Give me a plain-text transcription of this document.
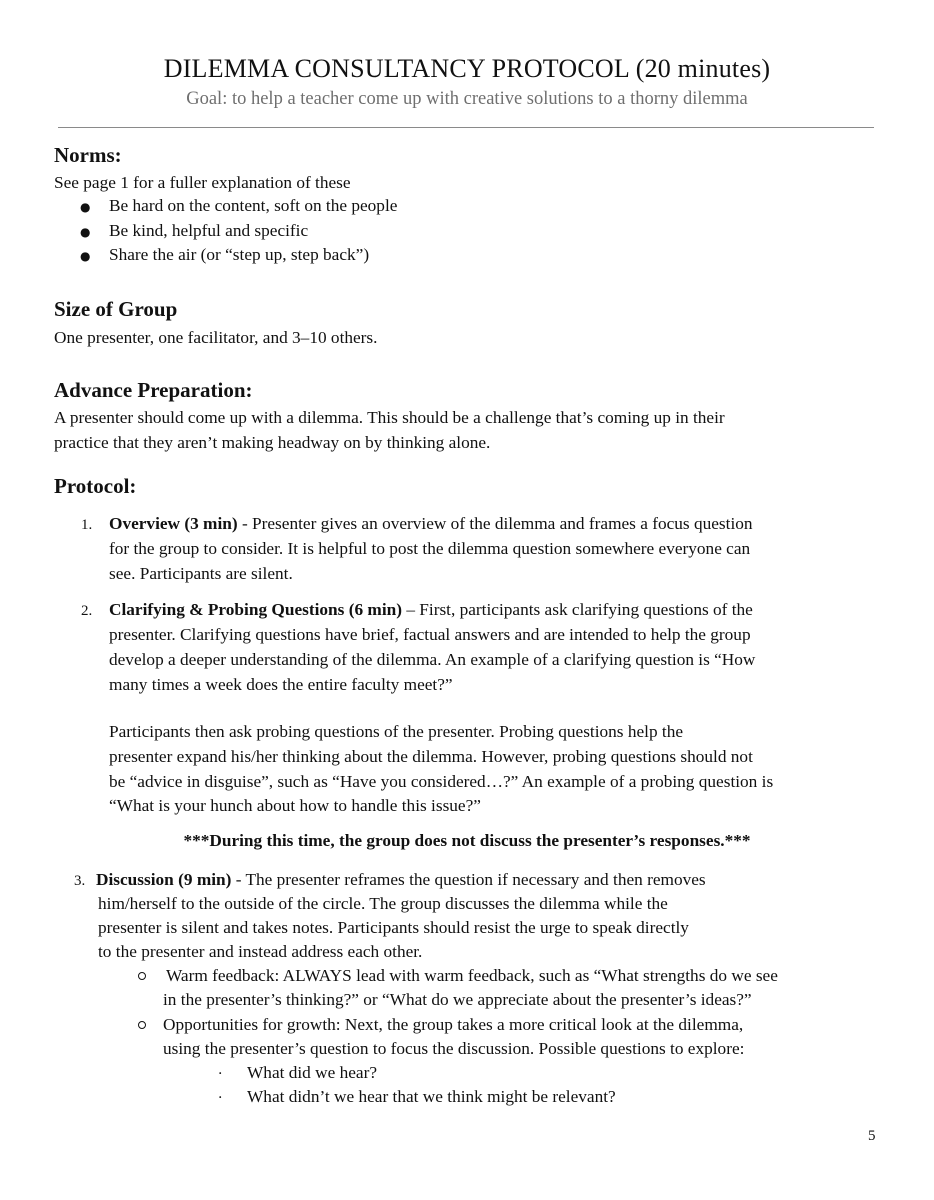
DILEMMA CONSULTANCY PROTOCOL (20 minutes)
Goal: to help a teacher come up with creative solutions to a thorny dilemma
Norms:
See page 1 for a fuller explanation of these
● Be hard on the content, soft on the people
● Be kind, helpful and specific
● Share the air (or “step up, step back”)
Size of Group
One presenter, one facilitator, and 3–10 others.
Advance Preparation:
A presenter should come up with a dilemma. This should be a challenge that’s coming up in their
practice that they aren’t making headway on by thinking alone.
Protocol:
1. Overview (3 min) - Presenter gives an overview of the dilemma and frames a focus question
for the group to consider. It is helpful to post the dilemma question somewhere everyone can
see. Participants are silent.
2. Clarifying & Probing Questions (6 min) – First, participants ask clarifying questions of the
presenter. Clarifying questions have brief, factual answers and are intended to help the group
develop a deeper understanding of the dilemma. An example of a clarifying question is “How
many times a week does the entire faculty meet?”
Participants then ask probing questions of the presenter. Probing questions help the
presenter expand his/her thinking about the dilemma. However, probing questions should not
be “advice in disguise”, such as “Have you considered…?” An example of a probing question is
“What is your hunch about how to handle this issue?”
***During this time, the group does not discuss the presenter’s responses.***
3. Discussion (9 min) - The presenter reframes the question if necessary and then removes
him/herself to the outside of the circle. The group discusses the dilemma while the
presenter is silent and takes notes. Participants should resist the urge to speak directly
to the presenter and instead address each other.
Warm feedback: ALWAYS lead with warm feedback, such as “What strengths do we see
in the presenter’s thinking?” or “What do we appreciate about the presenter’s ideas?”
Opportunities for growth: Next, the group takes a more critical look at the dilemma,
using the presenter’s question to focus the discussion. Possible questions to explore:
· What did we hear?
· What didn’t we hear that we think might be relevant?
5
